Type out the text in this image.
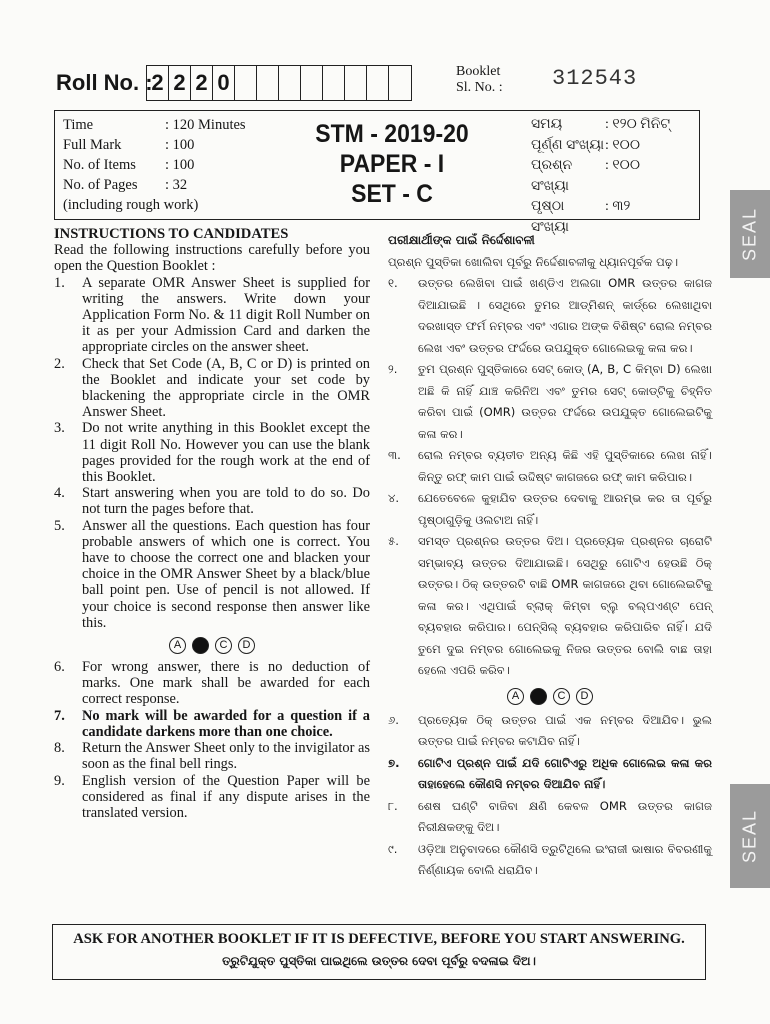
Roll No. :
2 2 2 0	Booklet
Sl. No. : 312543
Time	: 120 Minutes
Full Mark	: 100
No. of Items	: 100
No. of Pages	: 32
(including rough work)
STM - 2019-20
PAPER - I
SET - C
ସମୟ	: ୧୨୦ ମିନିଟ୍
ପୂର୍ଣ୍ଣ ସଂଖ୍ୟା : ୧୦୦
ପ୍ରଶ୍ନ ସଂଖ୍ୟା
: ୧୦୦
ପୃଷ୍ଠା ସଂଖ୍ୟା
: ୩୨
INSTRUCTIONS TO CANDIDATES
Read the following instructions carefully before you open the Question Booklet :
1.	A separate OMR Answer Sheet is supplied for writing the answers. Write down your Application Form No. & 11 digit Roll Number on it as per your Admission Card and darken the appropriate circles on the answer sheet.
2.	Check that Set Code (A, B, C or D) is printed on the Booklet and indicate your set code by blackening the appropriate circle in the OMR Answer Sheet.
3.	Do not write anything in this Booklet except the 11 digit Roll No. However you can use the blank pages provided for the rough work at the end of this Booklet.
4.	Start answering when you are told to do so. Do not turn the pages before that.
5.	Answer all the questions. Each question has four probable answers of which one is correct. You have to choose the correct one and blacken your choice in the OMR Answer Sheet by a black/blue ball point pen. Use of pencil is not allowed. If your choice is second response then answer like this.
A	C	D
6.	For wrong answer, there is no deduction of marks. One mark shall be awarded for each correct response.
7.	No mark will be awarded for a question if a candidate darkens more than one choice.
8.	Return the Answer Sheet only to the invigilator as soon as the final bell rings.
9.	English version of the Question Paper will be considered as final if any dispute arises in the translated version.
ପରୀକ୍ଷାର୍ଥୀଙ୍କ ପାଇଁ ନିର୍ଦ୍ଦେଶାବଳୀ
ପ୍ରଶ୍ନ ପୁସ୍ତିକା ଖୋଲିବା ପୂର୍ବରୁ ନିର୍ଦ୍ଦେଶାବଳୀକୁ ଧ୍ୟାନପୂର୍ବକ ପଢ଼।
୧.	ଉତ୍ତର ଲେଖିବା ପାଇଁ ଖଣ୍ଡିଏ ଅଲଗା OMR ଉତ୍ତର କାଗଜ ଦିଆଯାଇଛି । ସେଥିରେ ତୁମର ଆଡ୍‌ମିଶନ୍ କାର୍ଡ୍‌ରେ ଲେଖାଥିବା ଦରଖାସ୍ତ ଫର୍ମ ନମ୍ବର ଏବଂ ଏଗାର ଅଙ୍କ ବିଶିଷ୍ଟ ରୋଲ ନମ୍ବର ଲେଖ ଏବଂ ଉତ୍ତର ଫର୍ଦ୍ଦରେ ଉପଯୁକ୍ତ ଗୋଲେଇକୁ କଳା କର।
୨.	ତୁମ ପ୍ରଶ୍ନ ପୁସ୍ତିକାରେ ସେଟ୍ କୋଡ୍ (A, B, C କିମ୍ବା D) ଲେଖା ଅଛି କି ନାହିଁ ଯାଞ୍ଚ କରିନିଅ ଏବଂ ତୁମର ସେଟ୍ କୋଡ୍‌ଟିକୁ ଚିହ୍ନିତ କରିବା ପାଇଁ (OMR) ଉତ୍ତର ଫର୍ଦ୍ଦରେ ଉପଯୁକ୍ତ ଗୋଲେଇଟିକୁ କଳା କର।
୩.	ରୋଲ ନମ୍ବର ବ୍ୟତୀତ ଅନ୍ୟ କିଛି ଏହି ପୁସ୍ତିକାରେ ଲେଖ ନାହିଁ। କିନ୍ତୁ ରଫ୍ କାମ ପାଇଁ ଉଦ୍ଦିଷ୍ଟ କାଗଜରେ ରଫ୍ କାମ କରିପାର।
୪.	ଯେତେବେଳେ କୁହାଯିବ ଉତ୍ତର ଦେବାକୁ ଆରମ୍ଭ କର ତା ପୂର୍ବରୁ ପୃଷ୍ଠାଗୁଡ଼ିକୁ ଓଲଟାଅ ନାହିଁ।
୫.	ସମସ୍ତ ପ୍ରଶ୍ନର ଉତ୍ତର ଦିଅ। ପ୍ରତ୍ୟେକ ପ୍ରଶ୍ନର ଚାରୋଟି ସମ୍ଭାବ୍ୟ ଉତ୍ତର ଦିଆଯାଇଛି। ସେଥିରୁ ଗୋଟିଏ ହେଉଛି ଠିକ୍ ଉତ୍ତର। ଠିକ୍ ଉତ୍ତରଟି ବାଛି OMR କାଗଜରେ ଥିବା ଗୋଲେଇଟିକୁ କଳା କର। ଏଥିପାଇଁ ବ୍ଲାକ୍ କିମ୍ବା ବ୍ଲୁ ବଲ୍‌ପଏଣ୍ଟ ପେନ୍ ବ୍ୟବହାର କରିପାର। ପେନ୍‌ସିଲ୍ ବ୍ୟବହାର କରିପାରିବ ନାହିଁ। ଯଦି ତୁମେ ଦୁଇ ନମ୍ବର ଗୋଲେଇକୁ ନିଜର ଉତ୍ତର ବୋଲି ବାଛ ତାହା ହେଲେ ଏପରି କରିବ।
A	C	D
୬.	ପ୍ରତ୍ୟେକ ଠିକ୍ ଉତ୍ତର ପାଇଁ ଏକ ନମ୍ବର ଦିଆଯିବ। ଭୁଲ ଉତ୍ତର ପାଇଁ ନମ୍ବର କଟାଯିବ ନାହିଁ।
୭.	ଗୋଟିଏ ପ୍ରଶ୍ନ ପାଇଁ ଯଦି ଗୋଟିଏରୁ ଅଧିକ ଗୋଲେଇ କଳା କର ତାହାହେଲେ କୌଣସି ନମ୍ବର ଦିଆଯିବ ନାହିଁ।
୮.	ଶେଷ ଘଣ୍ଟି ବାଜିବା କ୍ଷଣି କେବଳ OMR ଉତ୍ତର କାଗଜ ନିରୀକ୍ଷକଙ୍କୁ ଦିଅ।
୯.	ଓଡ଼ିଆ ଅନୁବାଦରେ କୌଣସି ତ୍ରୁଟିଥିଲେ ଇଂରାଜୀ ଭାଷାର ବିବରଣୀକୁ ନିର୍ଣ୍ଣାୟକ ବୋଲି ଧରାଯିବ।
ASK FOR ANOTHER BOOKLET IF IT IS DEFECTIVE, BEFORE YOU START ANSWERING.
ତ୍ରୁଟିଯୁକ୍ତ ପୁସ୍ତିକା ପାଇଥିଲେ ଉତ୍ତର ଦେବା ପୂର୍ବରୁ ବଦଳାଇ ଦିଅ।
SEAL
SEAL
